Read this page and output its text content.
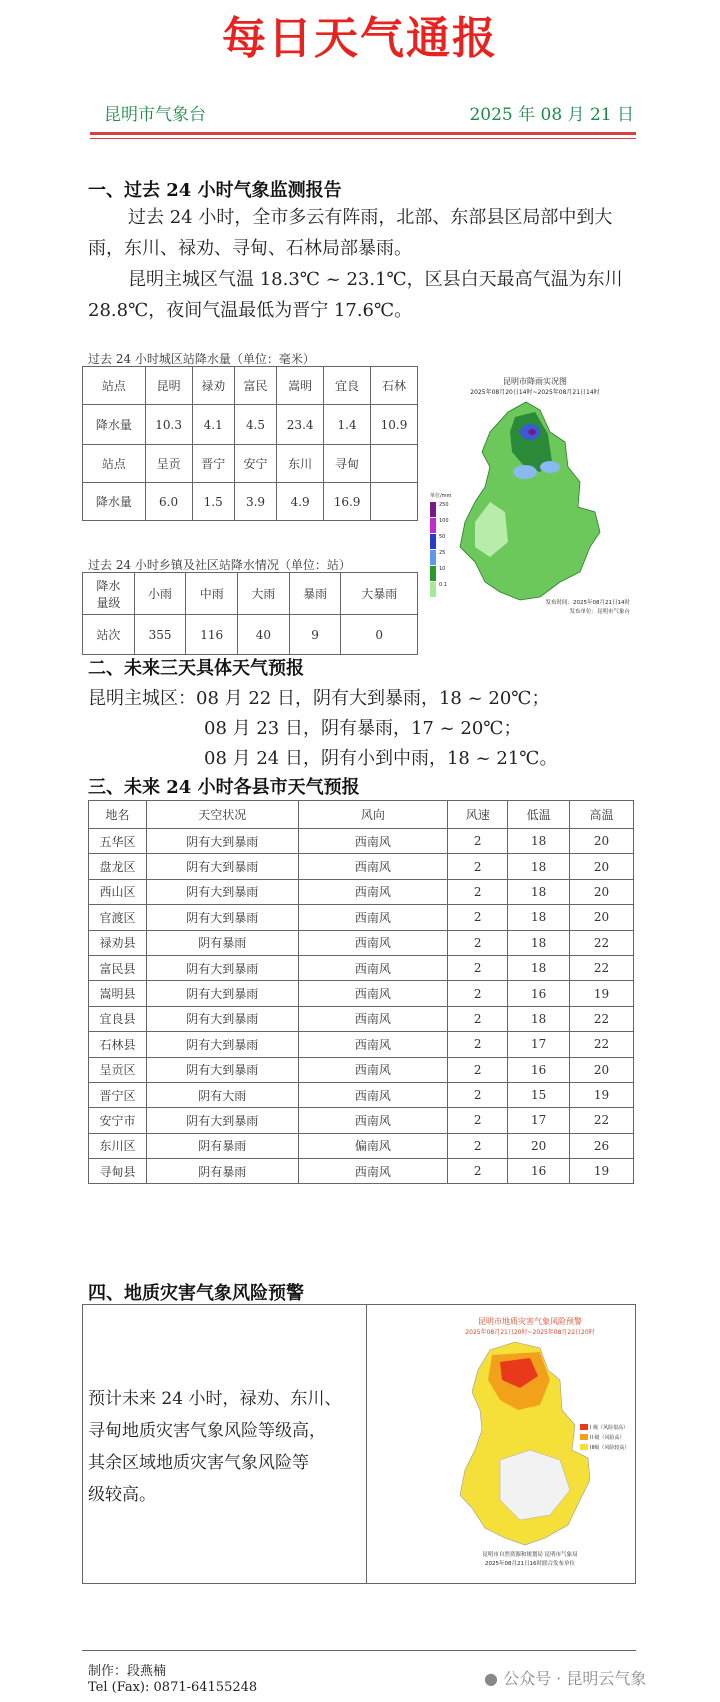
每日天气通报
昆明市气象台	2025 年 08 月 21 日
一、过去 24 小时气象监测报告
过去 24 小时，全市多云有阵雨，北部、东部县区局部中到大
雨，东川、禄劝、寻甸、石林局部暴雨。
昆明主城区气温 18.3℃ ~ 23.1℃，区县白天最高气温为东川
28.8℃，夜间气温最低为晋宁 17.6℃。
过去 24 小时城区站降水量（单位：毫米）
站点	昆明	禄劝	富民	嵩明	宜良	石林
降水量	10.3	4.1	4.5	23.4	1.4	10.9
站点	呈贡	晋宁	安宁	东川	寻甸	
降水量	6.0	1.5	3.9	4.9	16.9	
过去 24 小时乡镇及社区站降水情况（单位：站）
降水
量级	小雨	中雨	大雨	暴雨	大暴雨
站次	355	116	40	9	0
昆明市降雨实况图
2025年08月20日14时~2025年08月21日14时
单位/mm
250
100
50
25
10
0.1
发布时间：2025年08月21日14时
发布单位：昆明市气象台
二、未来三天具体天气预报
昆明主城区：08 月 22 日，阴有大到暴雨，18 ~ 20℃；
08 月 23 日，阴有暴雨，17 ~ 20℃；
08 月 24 日，阴有小到中雨，18 ~ 21℃。
三、未来 24 小时各县市天气预报
地名	天空状况	风向	风速	低温	高温
五华区	阴有大到暴雨	西南风	2	18	20
盘龙区	阴有大到暴雨	西南风	2	18	20
西山区	阴有大到暴雨	西南风	2	18	20
官渡区	阴有大到暴雨	西南风	2	18	20
禄劝县	阴有暴雨	西南风	2	18	22
富民县	阴有大到暴雨	西南风	2	18	22
嵩明县	阴有大到暴雨	西南风	2	16	19
宜良县	阴有大到暴雨	西南风	2	18	22
石林县	阴有大到暴雨	西南风	2	17	22
呈贡区	阴有大到暴雨	西南风	2	16	20
晋宁区	阴有大雨	西南风	2	15	19
安宁市	阴有大到暴雨	西南风	2	17	22
东川区	阴有暴雨	偏南风	2	20	26
寻甸县	阴有暴雨	西南风	2	16	19
四、地质灾害气象风险预警
预计未来 24 小时，禄劝、东川、
寻甸地质灾害气象风险等级高，
其余区域地质灾害气象风险等
级较高。
昆明市地质灾害气象风险预警
2025年08月21日20时~2025年08月22日20时
I 级（风险很高）
II 级（风险高）
III级（风险较高）
昆明市自然资源和规划局 昆明市气象局
2025年08月21日16时联合发布单位
制作：段燕楠
Tel (Fax): 0871-64155248	● 公众号 · 昆明云气象
